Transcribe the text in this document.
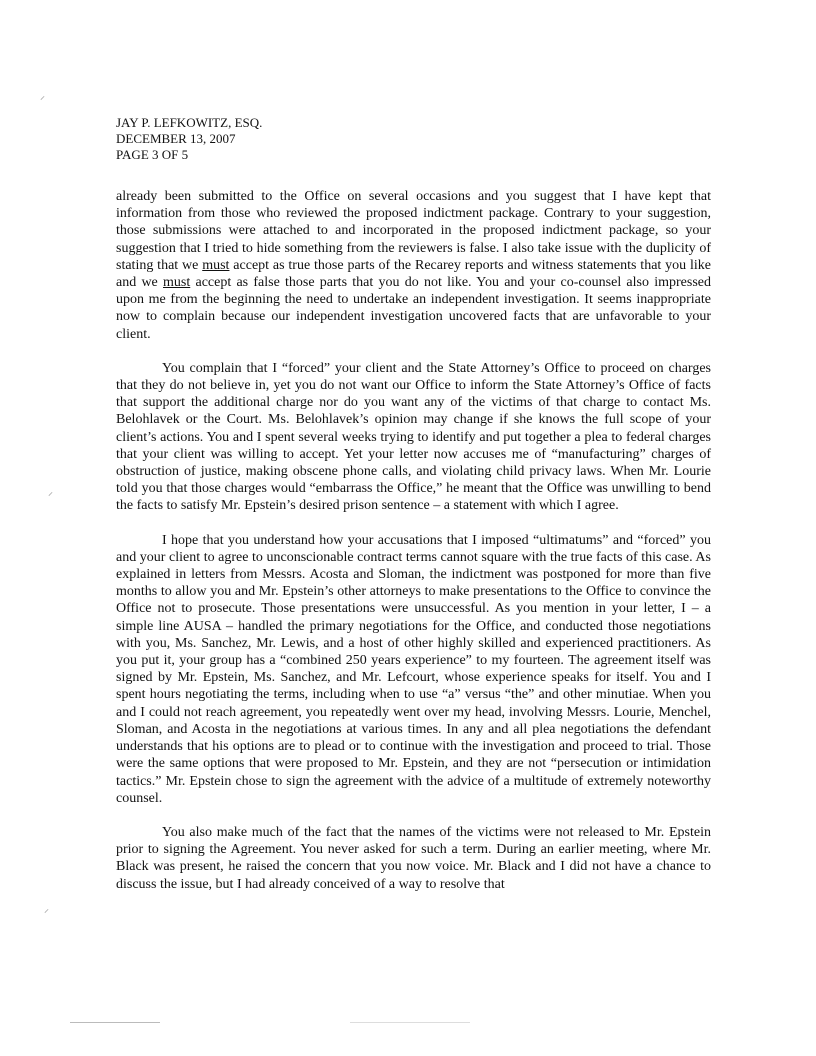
JAY P. LEFKOWITZ, ESQ.
DECEMBER 13, 2007
PAGE 3 OF 5

already been submitted to the Office on several occasions and you suggest that I have kept that information from those who reviewed the proposed indictment package. Contrary to your suggestion, those submissions were attached to and incorporated in the proposed indictment package, so your suggestion that I tried to hide something from the reviewers is false. I also take issue with the duplicity of stating that we must accept as true those parts of the Recarey reports and witness statements that you like and we must accept as false those parts that you do not like. You and your co-counsel also impressed upon me from the beginning the need to undertake an independent investigation. It seems inappropriate now to complain because our independent investigation uncovered facts that are unfavorable to your client.

You complain that I “forced” your client and the State Attorney’s Office to proceed on charges that they do not believe in, yet you do not want our Office to inform the State Attorney’s Office of facts that support the additional charge nor do you want any of the victims of that charge to contact Ms. Belohlavek or the Court. Ms. Belohlavek’s opinion may change if she knows the full scope of your client’s actions. You and I spent several weeks trying to identify and put together a plea to federal charges that your client was willing to accept. Yet your letter now accuses me of “manufacturing” charges of obstruction of justice, making obscene phone calls, and violating child privacy laws. When Mr. Lourie told you that those charges would “embarrass the Office,” he meant that the Office was unwilling to bend the facts to satisfy Mr. Epstein’s desired prison sentence – a statement with which I agree.

I hope that you understand how your accusations that I imposed “ultimatums” and “forced” you and your client to agree to unconscionable contract terms cannot square with the true facts of this case. As explained in letters from Messrs. Acosta and Sloman, the indictment was postponed for more than five months to allow you and Mr. Epstein’s other attorneys to make presentations to the Office to convince the Office not to prosecute. Those presentations were unsuccessful. As you mention in your letter, I – a simple line AUSA – handled the primary negotiations for the Office, and conducted those negotiations with you, Ms. Sanchez, Mr. Lewis, and a host of other highly skilled and experienced practitioners. As you put it, your group has a “combined 250 years experience” to my fourteen. The agreement itself was signed by Mr. Epstein, Ms. Sanchez, and Mr. Lefcourt, whose experience speaks for itself. You and I spent hours negotiating the terms, including when to use “a” versus “the” and other minutiae. When you and I could not reach agreement, you repeatedly went over my head, involving Messrs. Lourie, Menchel, Sloman, and Acosta in the negotiations at various times. In any and all plea negotiations the defendant understands that his options are to plead or to continue with the investigation and proceed to trial. Those were the same options that were proposed to Mr. Epstein, and they are not “persecution or intimidation tactics.” Mr. Epstein chose to sign the agreement with the advice of a multitude of extremely noteworthy counsel.

You also make much of the fact that the names of the victims were not released to Mr. Epstein prior to signing the Agreement. You never asked for such a term. During an earlier meeting, where Mr. Black was present, he raised the concern that you now voice. Mr. Black and I did not have a chance to discuss the issue, but I had already conceived of a way to resolve that

⸝
⸝
⸝
